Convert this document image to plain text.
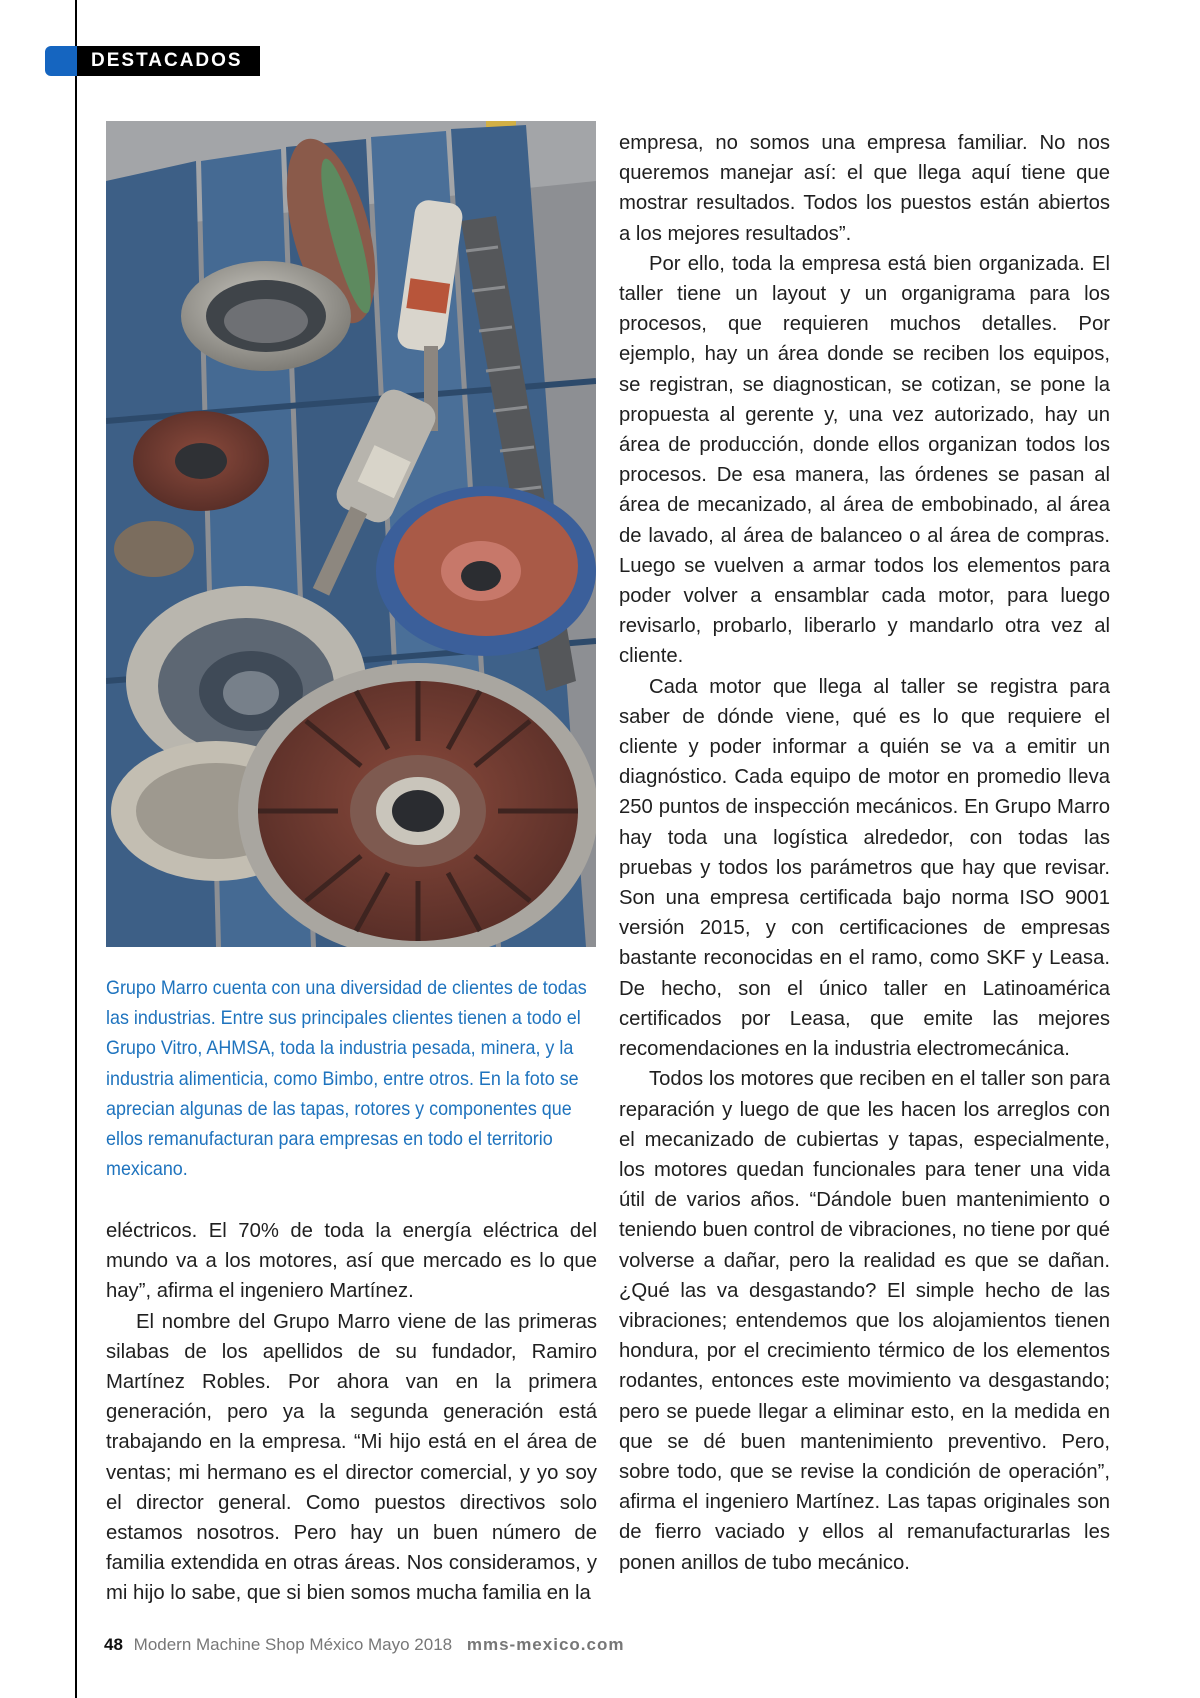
DESTACADOS

Grupo Marro cuenta con una diversidad de clientes de todas las industrias. Entre sus principales clientes tienen a todo el Grupo Vitro, AHMSA, toda la industria pesada, minera, y la industria alimenticia, como Bimbo, entre otros. En la foto se aprecian algunas de las tapas, rotores y componentes que ellos remanufacturan para empresas en todo el territorio mexicano.

eléctricos. El 70% de toda la energía eléctrica del mundo va a los motores, así que mercado es lo que hay”, afirma el ingeniero Martínez.

El nombre del Grupo Marro viene de las primeras silabas de los apellidos de su fundador, Ramiro Martínez Robles. Por ahora van en la primera generación, pero ya la segunda generación está trabajando en la empresa. “Mi hijo está en el área de ventas; mi hermano es el director comercial, y yo soy el director general. Como puestos directivos solo estamos nosotros. Pero hay un buen número de familia extendida en otras áreas. Nos consideramos, y mi hijo lo sabe, que si bien somos mucha familia en la

empresa, no somos una empresa familiar. No nos queremos manejar así: el que llega aquí tiene que mostrar resultados. Todos los puestos están abiertos a los mejores resultados”.

Por ello, toda la empresa está bien organizada. El taller tiene un layout y un organigrama para los procesos, que requieren muchos detalles. Por ejemplo, hay un área donde se reciben los equipos, se registran, se diagnostican, se cotizan, se pone la propuesta al gerente y, una vez autorizado, hay un área de producción, donde ellos organizan todos los procesos. De esa manera, las órdenes se pasan al área de mecanizado, al área de embobinado, al área de lavado, al área de balanceo o al área de compras. Luego se vuelven a armar todos los elementos para poder volver a ensamblar cada motor, para luego revisarlo, probarlo, liberarlo y mandarlo otra vez al cliente.

Cada motor que llega al taller se registra para saber de dónde viene, qué es lo que requiere el cliente y poder informar a quién se va a emitir un diagnóstico. Cada equipo de motor en promedio lleva 250 puntos de inspección mecánicos. En Grupo Marro hay toda una logística alrededor, con todas las pruebas y todos los parámetros que hay que revisar. Son una empresa certificada bajo norma ISO 9001 versión 2015, y con certificaciones de empresas bastante reconocidas en el ramo, como SKF y Leasa. De hecho, son el único taller en Latinoamérica certificados por Leasa, que emite las mejores recomendaciones en la industria electromecánica.

Todos los motores que reciben en el taller son para reparación y luego de que les hacen los arreglos con el mecanizado de cubiertas y tapas, especialmente, los motores quedan funcionales para tener una vida útil de varios años. “Dándole buen mantenimiento o teniendo buen control de vibraciones, no tiene por qué volverse a dañar, pero la realidad es que se dañan. ¿Qué las va desgastando? El simple hecho de las vibraciones; entendemos que los alojamientos tienen hondura, por el crecimiento térmico de los elementos rodantes, entonces este movimiento va desgastando; pero se puede llegar a eliminar esto, en la medida en que se dé buen mantenimiento preventivo. Pero, sobre todo, que se revise la condición de operación”, afirma el ingeniero Martínez. Las tapas originales son de fierro vaciado y ellos al remanufacturarlas les ponen anillos de tubo mecánico.

48 Modern Machine Shop México Mayo 2018 mms-mexico.com
